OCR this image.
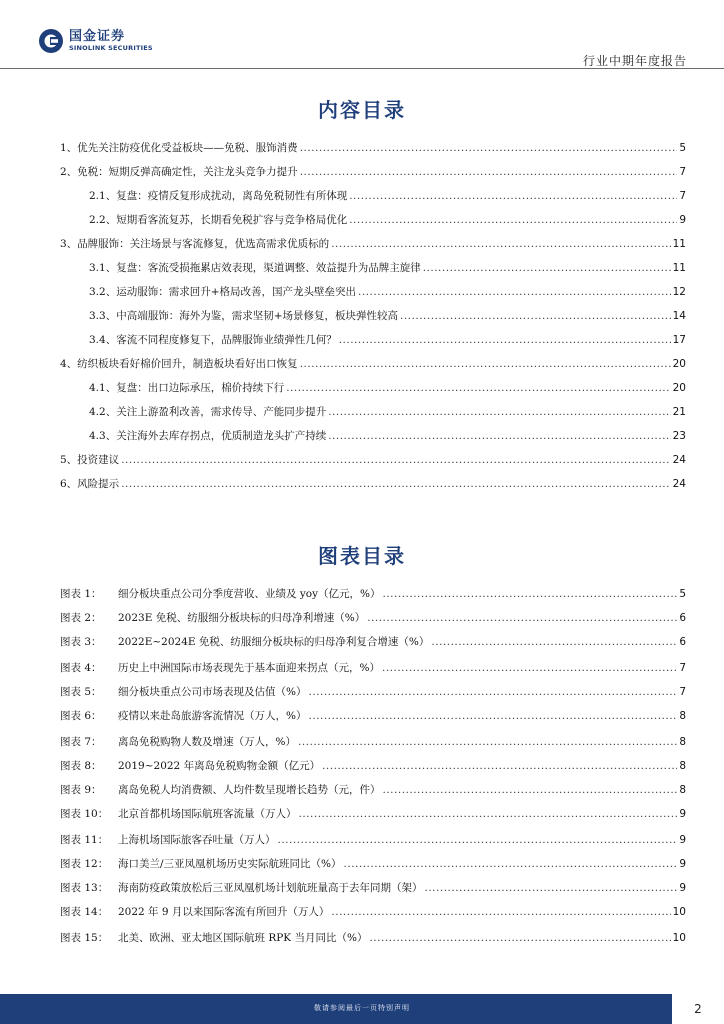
国金证券
SINOLINK SECURITIES
行业中期年度报告
内容目录
1、优先关注防疫优化受益板块——免税、服饰消费 .....	5
2、免税：短期反弹高确定性，关注龙头竞争力提升 .....	7
2.1、复盘：疫情反复形成扰动，离岛免税韧性有所体现 .....	7
2.2、短期看客流复苏，长期看免税扩容与竞争格局优化 .....	9
3、品牌服饰：关注场景与客流修复，优选高需求优质标的 .....	11
3.1、复盘：客流受损拖累店效表现，渠道调整、效益提升为品牌主旋律 .....	11
3.2、运动服饰：需求回升+格局改善，国产龙头壁垒突出 .....	12
3.3、中高端服饰：海外为鉴，需求坚韧+场景修复，板块弹性较高 .....	14
3.4、客流不同程度修复下，品牌服饰业绩弹性几何？ .....	17
4、纺织板块看好棉价回升，制造板块看好出口恢复 .....	20
4.1、复盘：出口边际承压，棉价持续下行 .....	20
4.2、关注上游盈利改善，需求传导、产能同步提升 .....	21
4.3、关注海外去库存拐点，优质制造龙头扩产持续 .....	23
5、投资建议 .....	24
6、风险提示 .....	24
图表目录
图表 1： 细分板块重点公司分季度营收、业绩及 yoy（亿元，%） .....	5
图表 2： 2023E 免税、纺服细分板块标的归母净利增速（%） .....	6
图表 3： 2022E~2024E 免税、纺服细分板块标的归母净利复合增速（%） .....	6
图表 4： 历史上中洲国际市场表现先于基本面迎来拐点（元，%） .....	7
图表 5： 细分板块重点公司市场表现及估值（%） .....	7
图表 6： 疫情以来赴岛旅游客流情况（万人，%） .....	8
图表 7： 离岛免税购物人数及增速（万人，%） .....	8
图表 8： 2019~2022 年离岛免税购物金额（亿元） .....	8
图表 9： 离岛免税人均消费额、人均件数呈现增长趋势（元，件） .....	8
图表 10： 北京首都机场国际航班客流量（万人） .....	9
图表 11： 上海机场国际旅客吞吐量（万人） .....	9
图表 12： 海口美兰/三亚凤凰机场历史实际航班同比（%） .....	9
图表 13： 海南防疫政策放松后三亚凤凰机场计划航班量高于去年同期（架） .....	9
图表 14： 2022 年 9 月以来国际客流有所回升（万人） .....	10
图表 15： 北美、欧洲、亚太地区国际航班 RPK 当月同比（%） .....	10
敬请参阅最后一页特别声明	2
